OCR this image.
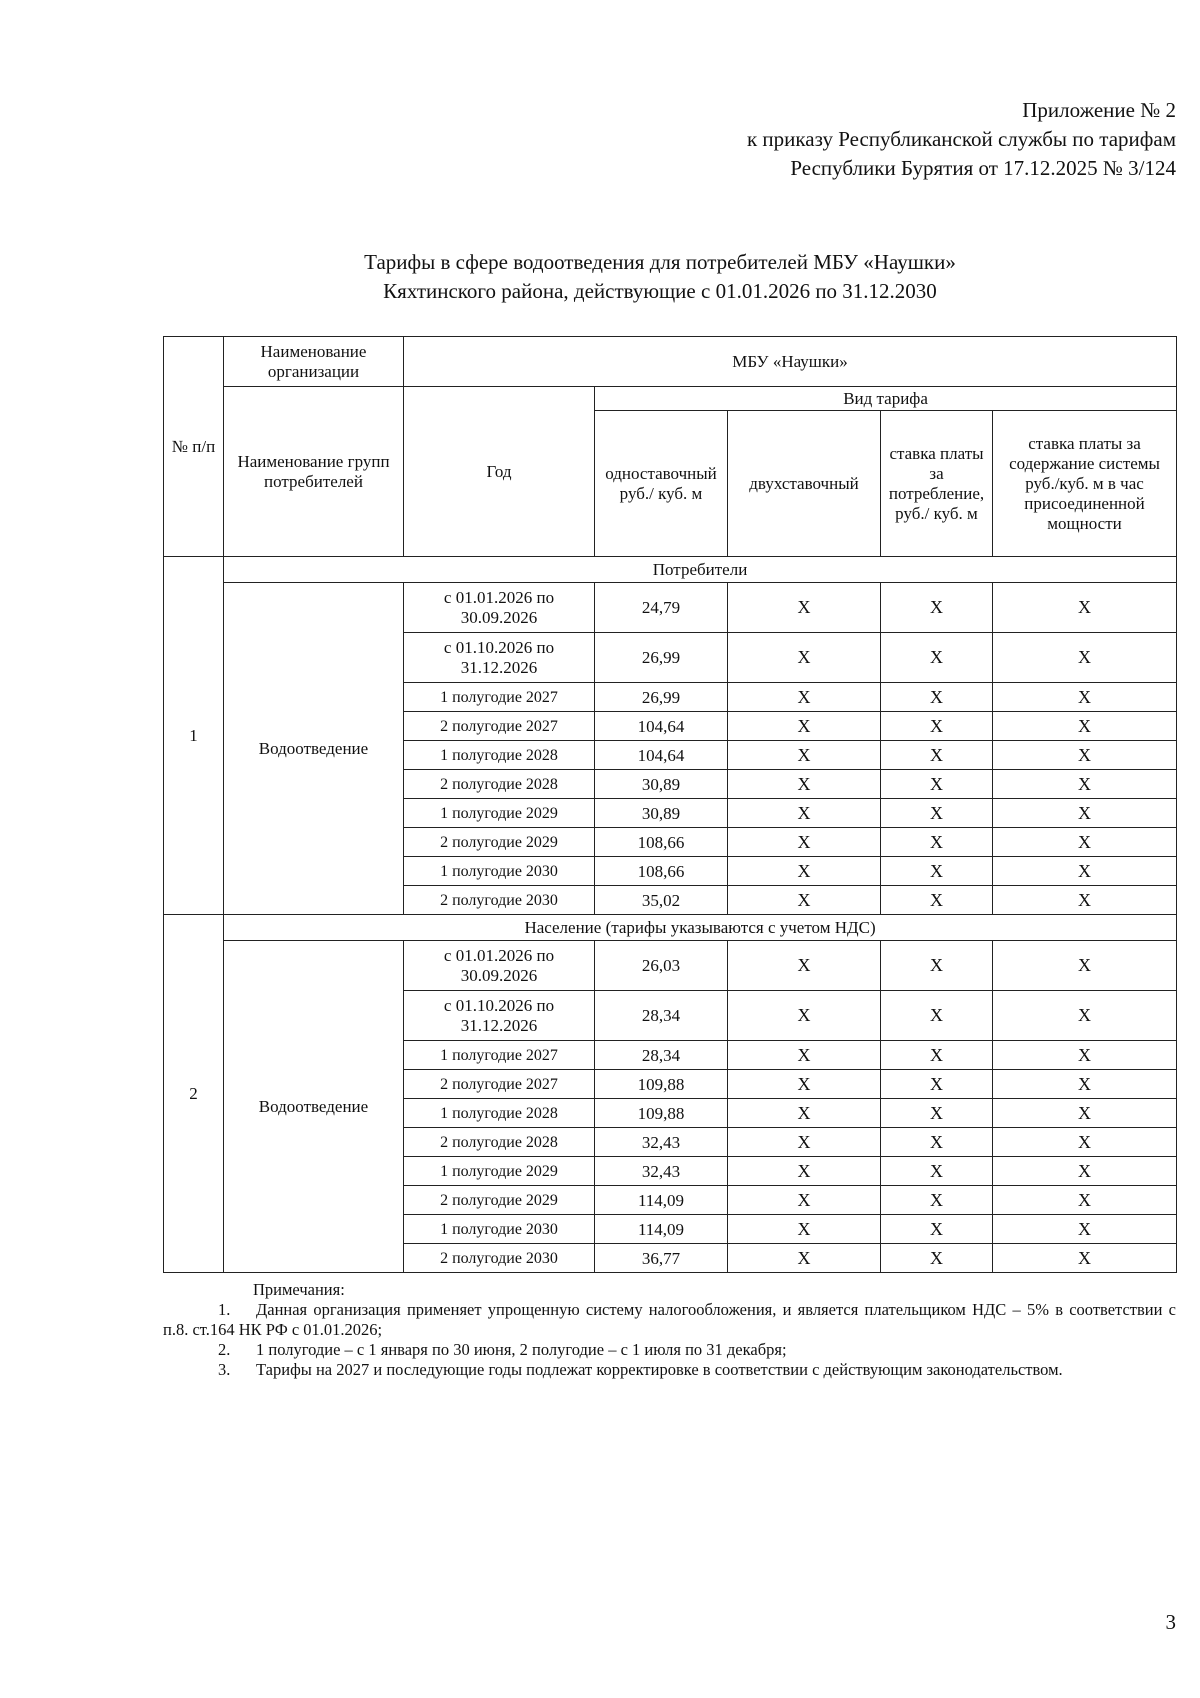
Приложение № 2
к приказу Республиканской службы по тарифам
Республики Бурятия от 17.12.2025 № 3/124
Тарифы в сфере водоотведения для потребителей МБУ «Наушки»
Кяхтинского района, действующие с 01.01.2026 по 31.12.2030
№ п/п	Наименование организации	МБУ «Наушки»				
	Наименование групп потребителей	Год	Вид тарифа			
			одноставочный руб./ куб. м	двухставочный	ставка платы за потребление, руб./ куб. м	ставка платы за содержание системы руб./куб. м в час присоединенной мощности
1	Потребители					
	Водоотведение	с 01.01.2026 по 30.09.2026	24,79	X	X	X
		с 01.10.2026 по 31.12.2026	26,99	X	X	X
		1 полугодие 2027	26,99	X	X	X
		2 полугодие 2027	104,64	X	X	X
		1 полугодие 2028	104,64	X	X	X
		2 полугодие 2028	30,89	X	X	X
		1 полугодие 2029	30,89	X	X	X
		2 полугодие 2029	108,66	X	X	X
		1 полугодие 2030	108,66	X	X	X
		2 полугодие 2030	35,02	X	X	X
2	Население (тарифы указываются с учетом НДС)					
	Водоотведение	с 01.01.2026 по 30.09.2026	26,03	X	X	X
		с 01.10.2026 по 31.12.2026	28,34	X	X	X
		1 полугодие 2027	28,34	X	X	X
		2 полугодие 2027	109,88	X	X	X
		1 полугодие 2028	109,88	X	X	X
		2 полугодие 2028	32,43	X	X	X
		1 полугодие 2029	32,43	X	X	X
		2 полугодие 2029	114,09	X	X	X
		1 полугодие 2030	114,09	X	X	X
		2 полугодие 2030	36,77	X	X	X

Примечания:

1. Данная организация применяет упрощенную систему налогообложения, и является плательщиком НДС – 5% в соответствии с п.8. ст.164 НК РФ с 01.01.2026;

2. 1 полугодие – с 1 января по 30 июня, 2 полугодие – с 1 июля по 31 декабря;

3. Тарифы на 2027 и последующие годы подлежат корректировке в соответствии с действующим законодательством.

3
